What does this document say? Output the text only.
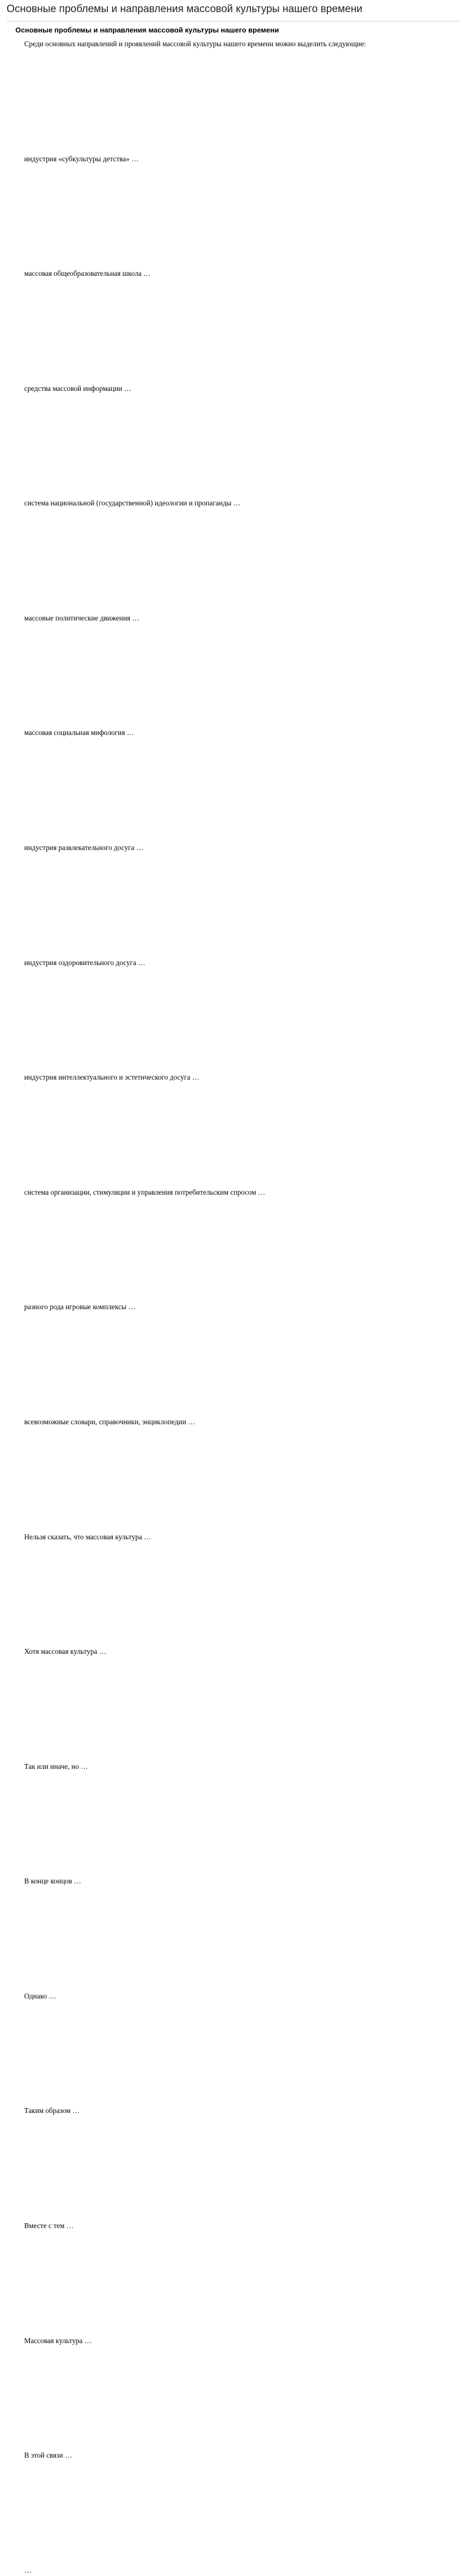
Основные проблемы и направления массовой культуры нашего времени
Основные проблемы и направления массовой культуры нашего времени

Среди основных направлений и проявлений массовой культуры нашего времени можно выделить следующие:

индустрия «субкультуры детства» …

массовая общеобразовательная школа …

средства массовой информации …

система национальной (государственной) идеологии и пропаганды …

массовые политические движения …

массовая социальная мифология …

индустрия развлекательного досуга …

индустрия оздоровительного досуга …

индустрия интеллектуального и эстетического досуга …

система организации, стимуляции и управления потребительским спросом …

разного рода игровые комплексы …

всевозможные словари, справочники, энциклопедии …

Нельзя сказать, что массовая культура …

Хотя массовая культура …

Так или иначе, но …

В конце концов …

Однако …

Таким образом …

Вместе с тем …

Массовая культура …

В этой связи …

…
